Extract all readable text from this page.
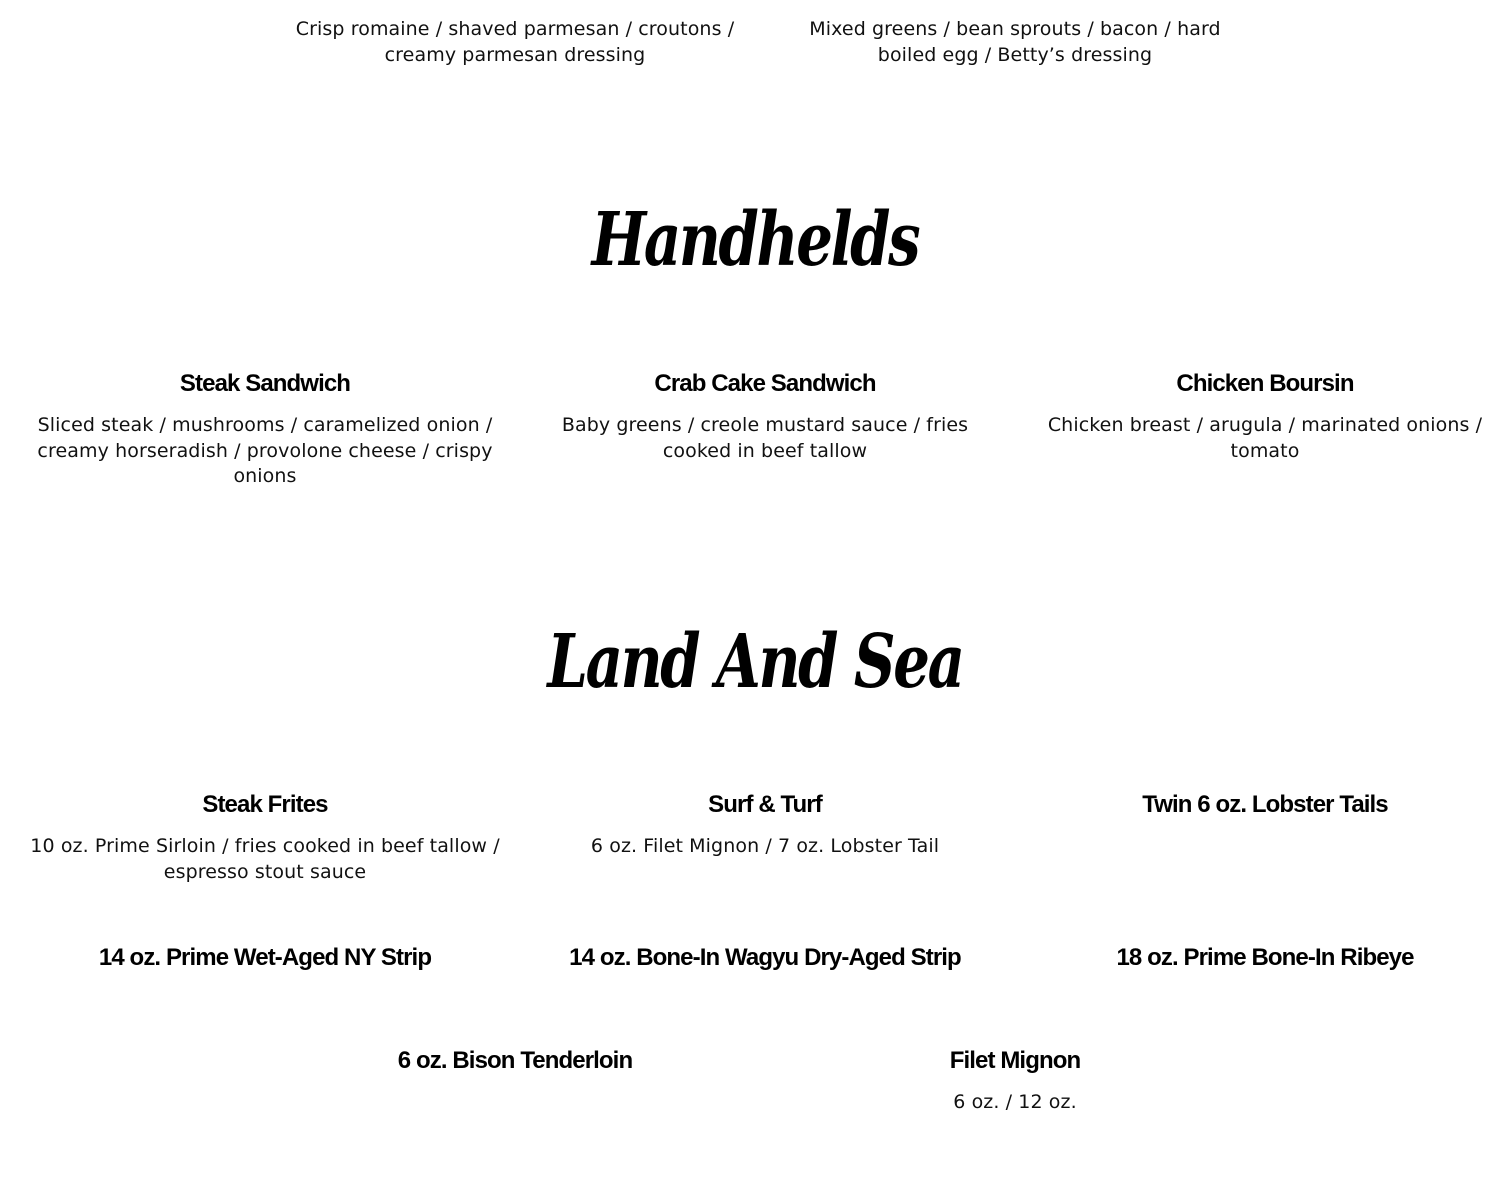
Crisp romaine / shaved parmesan / croutons / creamy parmesan dressing
Mixed greens / bean sprouts / bacon / hard boiled egg / Betty’s dressing
Handhelds
Steak Sandwich
Sliced steak / mushrooms / caramelized onion / creamy horseradish / provolone cheese / crispy onions
Crab Cake Sandwich
Baby greens / creole mustard sauce / fries cooked in beef tallow
Chicken Boursin
Chicken breast / arugula / marinated onions / tomato
Land And Sea
Steak Frites
10 oz. Prime Sirloin / fries cooked in beef tallow / espresso stout sauce
Surf & Turf
6 oz. Filet Mignon / 7 oz. Lobster Tail
Twin 6 oz. Lobster Tails
14 oz. Prime Wet-Aged NY Strip	14 oz. Bone-In Wagyu Dry-Aged Strip	18 oz. Prime Bone-In Ribeye
6 oz. Bison Tenderloin	Filet Mignon
6 oz. / 12 oz.
